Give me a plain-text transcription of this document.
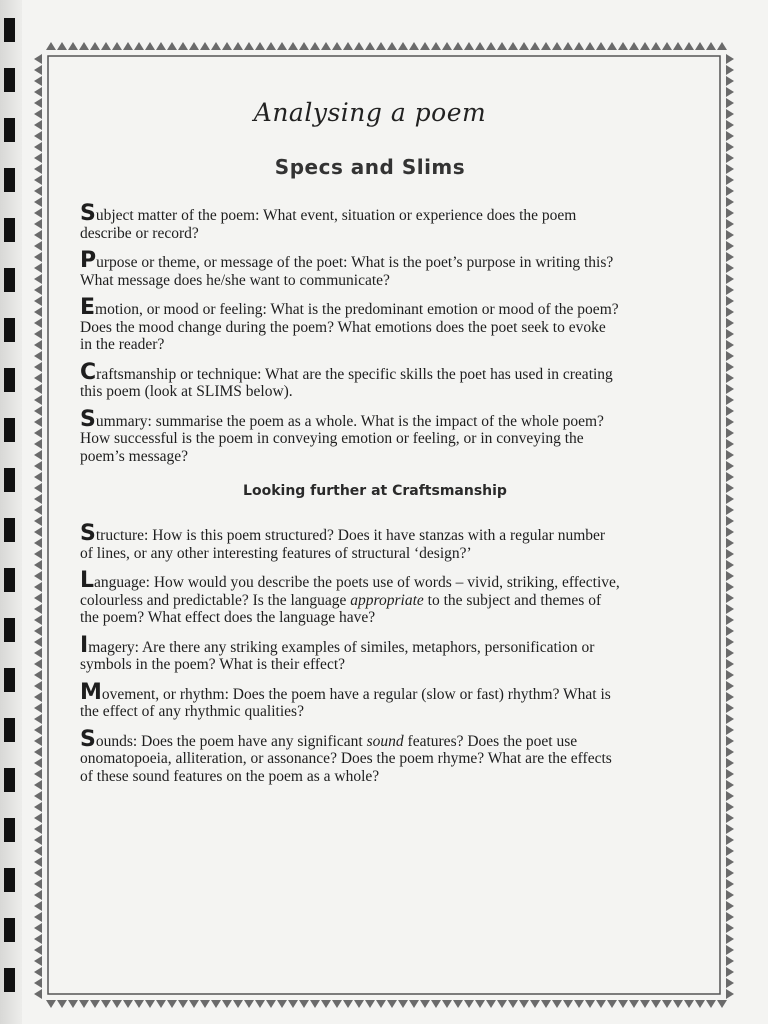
Analysing a poem
Specs and Slims

Subject matter of the poem: What event, situation or experience does the poem describe or record?

Purpose or theme, or message of the poet: What is the poet’s purpose in writing this? What message does he/she want to communicate?

Emotion, or mood or feeling: What is the predominant emotion or mood of the poem? Does the mood change during the poem? What emotions does the poet seek to evoke in the reader?

Craftsmanship or technique: What are the specific skills the poet has used in creating this poem (look at SLIMS below).

Summary: summarise the poem as a whole. What is the impact of the whole poem? How successful is the poem in conveying emotion or feeling, or in conveying the poem’s message?

Looking further at Craftsmanship

Structure: How is this poem structured? Does it have stanzas with a regular number of lines, or any other interesting features of structural ‘design?’

Language: How would you describe the poets use of words – vivid, striking, effective, colourless and predictable? Is the language appropriate to the subject and themes of the poem? What effect does the language have?

Imagery: Are there any striking examples of similes, metaphors, personification or symbols in the poem? What is their effect?

Movement, or rhythm: Does the poem have a regular (slow or fast) rhythm? What is the effect of any rhythmic qualities?

Sounds: Does the poem have any significant sound features? Does the poet use onomatopoeia, alliteration, or assonance? Does the poem rhyme? What are the effects of these sound features on the poem as a whole?
